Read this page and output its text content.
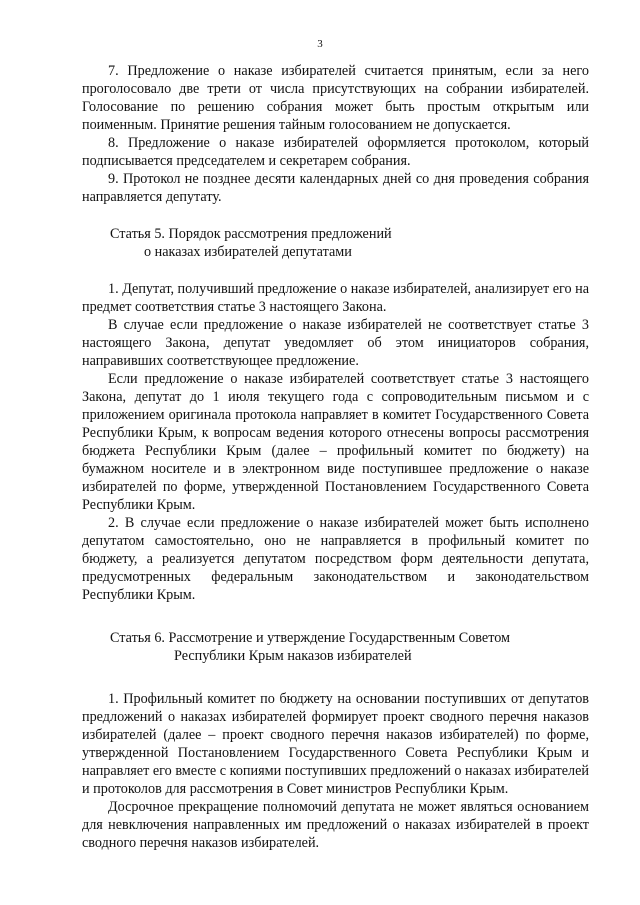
3

7. Предложение о наказе избирателей считается принятым, если за него проголосовало две трети от числа присутствующих на собрании избирателей. Голосование по решению собрания может быть простым открытым или поименным. Принятие решения тайным голосованием не допускается.

8. Предложение о наказе избирателей оформляется протоколом, который подписывается председателем и секретарем собрания.

9. Протокол не позднее десяти календарных дней со дня проведения собрания направляется депутату.

Статья 5. Порядок рассмотрения предложений
о наказах избирателей депутатами

1. Депутат, получивший предложение о наказе избирателей, анализирует его на предмет соответствия статье 3 настоящего Закона.

В случае если предложение о наказе избирателей не соответствует статье 3 настоящего Закона, депутат уведомляет об этом инициаторов собрания, направивших соответствующее предложение.

Если предложение о наказе избирателей соответствует статье 3 настоящего Закона, депутат до 1 июля текущего года с сопроводительным письмом и с приложением оригинала протокола направляет в комитет Государственного Совета Республики Крым, к вопросам ведения которого отнесены вопросы рассмотрения бюджета Республики Крым (далее – профильный комитет по бюджету) на бумажном носителе и в электронном виде поступившее предложение о наказе избирателей по форме, утвержденной Постановлением Государственного Совета Республики Крым.

2. В случае если предложение о наказе избирателей может быть исполнено депутатом самостоятельно, оно не направляется в профильный комитет по бюджету, а реализуется депутатом посредством форм деятельности депутата, предусмотренных федеральным законодательством и законодательством Республики Крым.

Статья 6. Рассмотрение и утверждение Государственным Советом
Республики Крым наказов избирателей

1. Профильный комитет по бюджету на основании поступивших от депутатов предложений о наказах избирателей формирует проект сводного перечня наказов избирателей (далее – проект сводного перечня наказов избирателей) по форме, утвержденной Постановлением Государственного Совета Республики Крым и направляет его вместе с копиями поступивших предложений о наказах избирателей и протоколов для рассмотрения в Совет министров Республики Крым.

Досрочное прекращение полномочий депутата не может являться основанием для невключения направленных им предложений о наказах избирателей в проект сводного перечня наказов избирателей.
